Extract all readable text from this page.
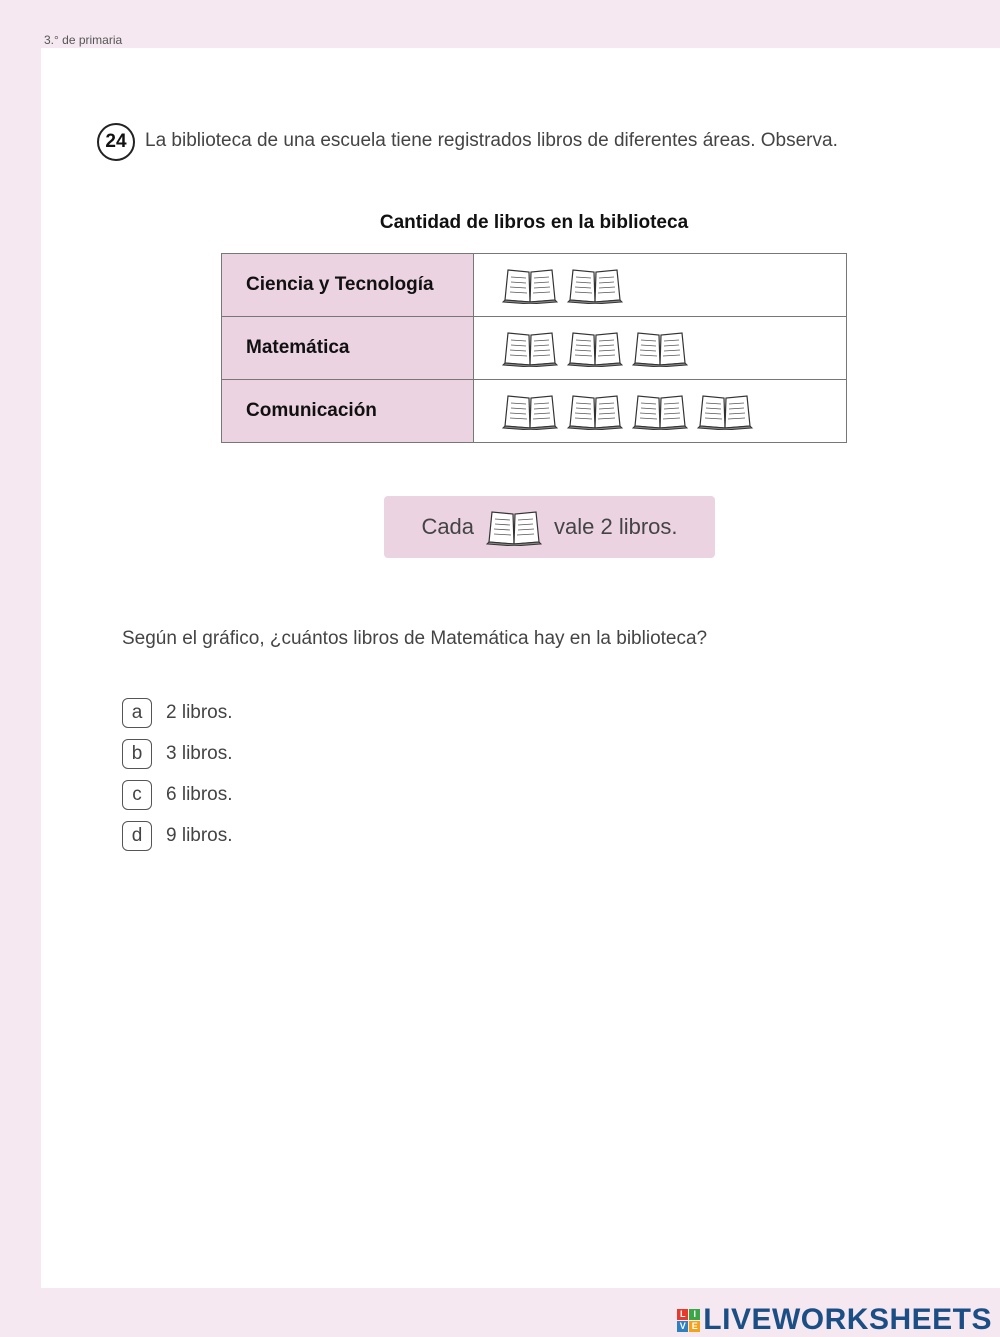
3.° de primaria
24 La biblioteca de una escuela tiene registrados libros de diferentes áreas. Observa.
Cantidad de libros en la biblioteca
Ciencia y Tecnología	
Matemática	
Comunicación	
Cada	vale 2 libros.
Según el gráfico, ¿cuántos libros de Matemática hay en la biblioteca?
a	2 libros.
b	3 libros.
c	6 libros.
d	9 libros.
L I
V E LIVEWORKSHEETS
